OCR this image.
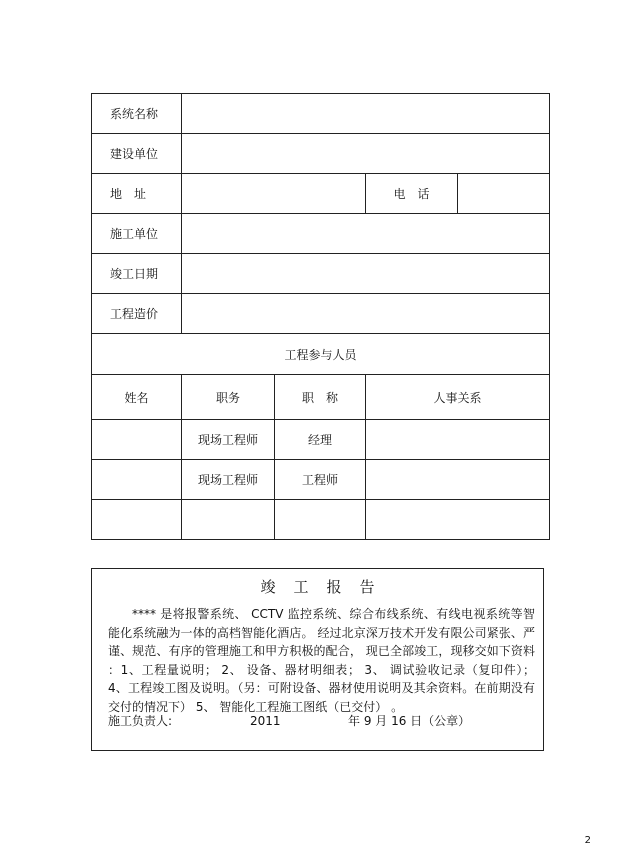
系统名称				
建设单位				
地　址			电　话	
施工单位				
竣工日期				
工程造价				
工程参与人员				
姓名	职务	职　称	人事关系	
	现场工程师	经理		
	现场工程师	工程师		

竣工报告
**** 是将报警系统、 CCTV 监控系统、综合布线系统、有线电视系统等智能化系统融为一体的高档智能化酒店。 经过北京深万技术开发有限公司紧张、严谨、规范、有序的管理施工和甲方积极的配合， 现已全部竣工，现移交如下资料 ：1、工程量说明； 2、 设备、器材明细表； 3、 调试验收记录（复印件）； 4、工程竣工图及说明。（另：可附设备、器材使用说明及其余资料。在前期没有交付的情况下） 5、 智能化工程施工图纸（已交付） 。
施工负责人:	2011	年 9 月 16 日（公章）
2
